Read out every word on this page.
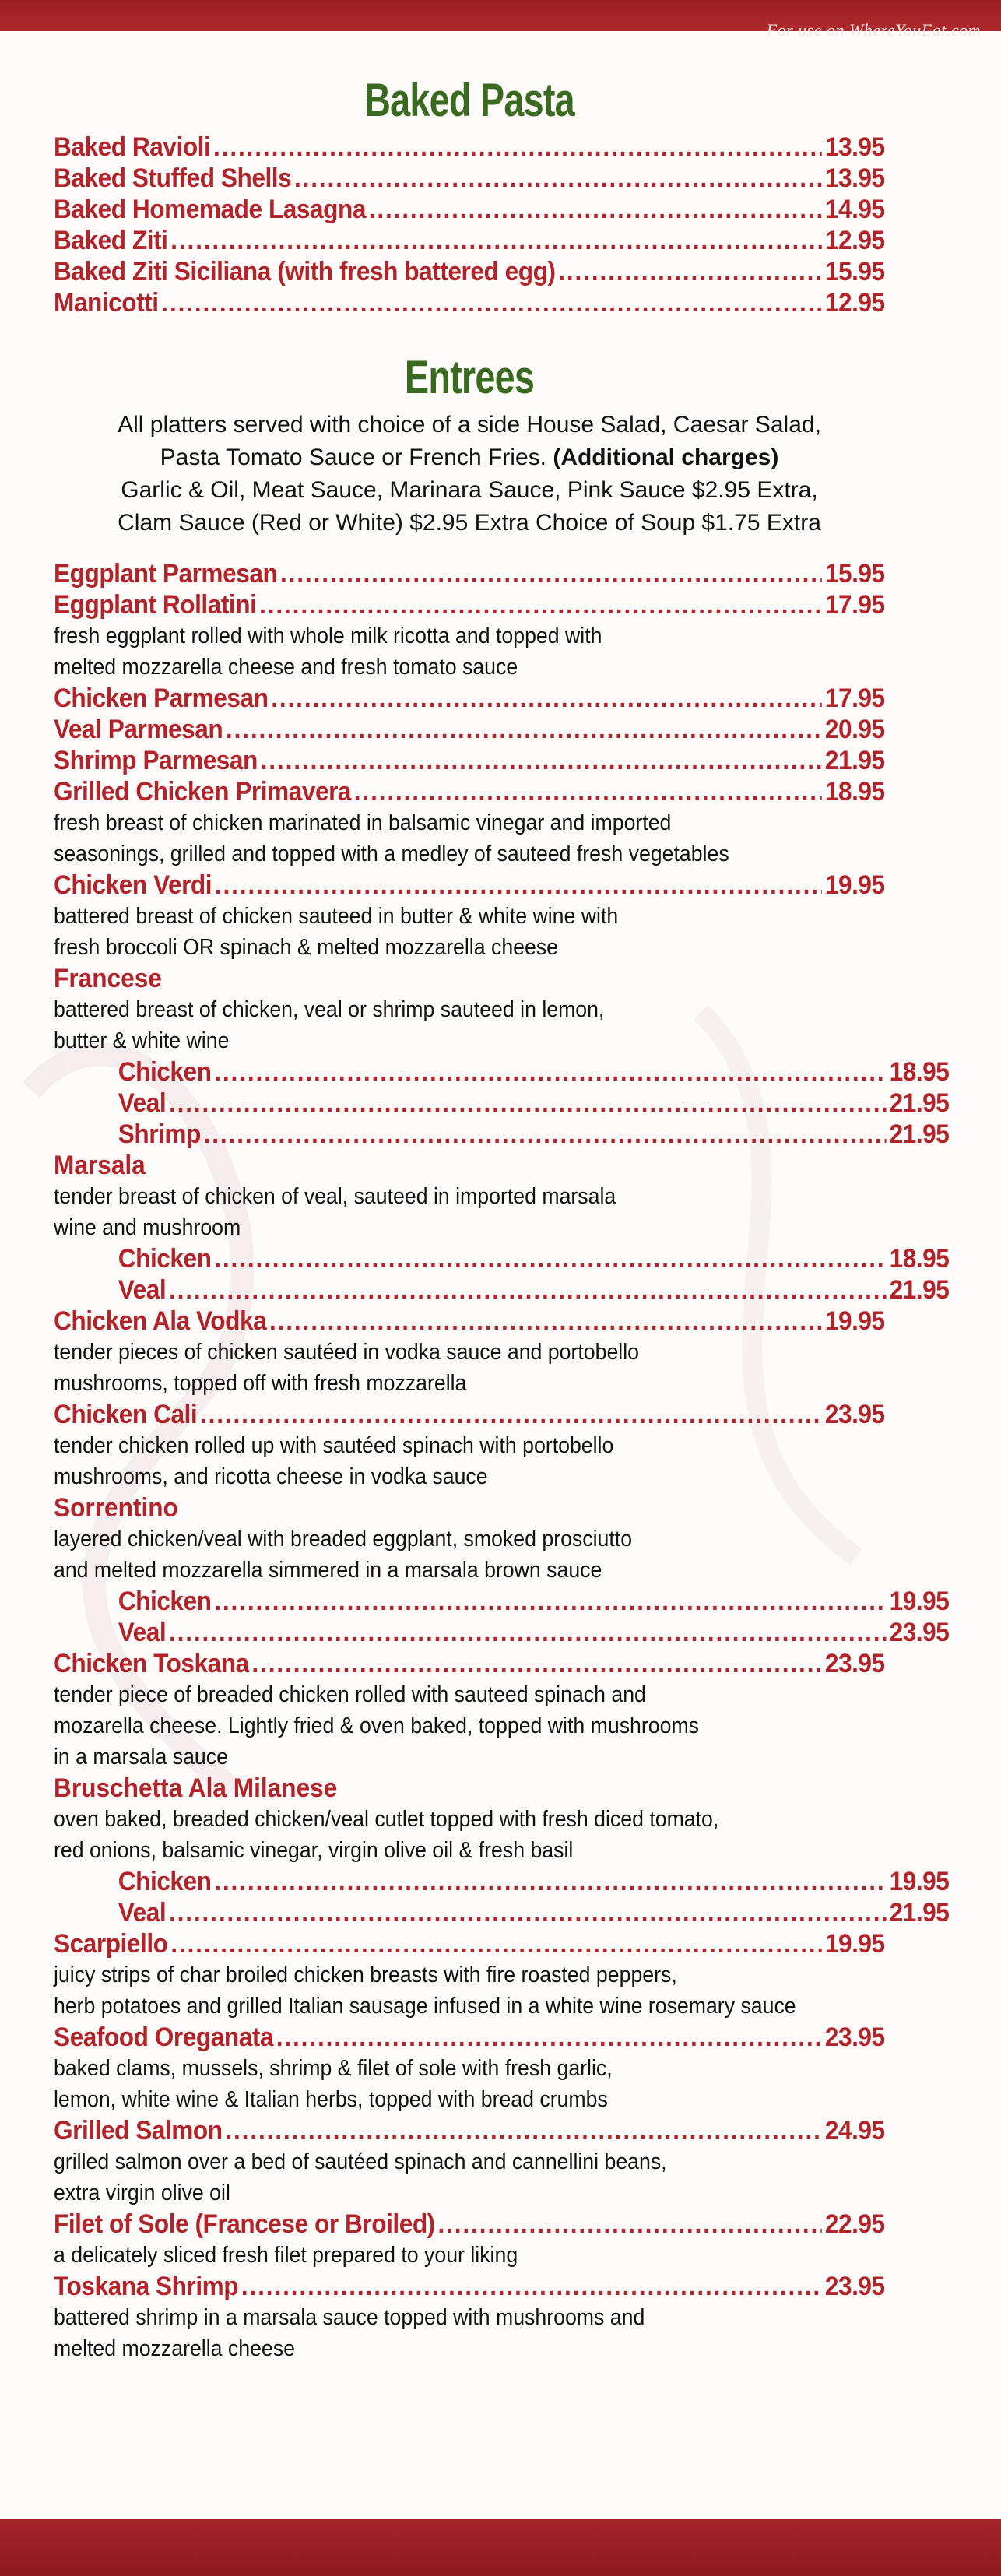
For use on WhereYouEat.com
Baked Pasta
Baked Ravioli .....	13.95
Baked Stuffed Shells .....	13.95
Baked Homemade Lasagna .....	14.95
Baked Ziti .....	12.95
Baked Ziti Siciliana (with fresh battered egg) .....	15.95
Manicotti .....	12.95
Entrees
All platters served with choice of a side House Salad, Caesar Salad,
Pasta Tomato Sauce or French Fries. (Additional charges)
Garlic & Oil, Meat Sauce, Marinara Sauce, Pink Sauce $2.95 Extra,
Clam Sauce (Red or White) $2.95 Extra Choice of Soup $1.75 Extra
Eggplant Parmesan .....	15.95
Eggplant Rollatini .....	17.95

fresh eggplant rolled with whole milk ricotta and topped with

melted mozzarella cheese and fresh tomato sauce

Chicken Parmesan .....	17.95
Veal Parmesan .....	20.95
Shrimp Parmesan .....	21.95
Grilled Chicken Primavera .....	18.95

fresh breast of chicken marinated in balsamic vinegar and imported

seasonings, grilled and topped with a medley of sauteed fresh vegetables

Chicken Verdi .....	19.95

battered breast of chicken sauteed in butter & white wine with

fresh broccoli OR spinach & melted mozzarella cheese

Francese

battered breast of chicken, veal or shrimp sauteed in lemon,

butter & white wine

Chicken .....	18.95
Veal .....	21.95
Shrimp .....	21.95
Marsala

tender breast of chicken of veal, sauteed in imported marsala

wine and mushroom

Chicken .....	18.95
Veal .....	21.95
Chicken Ala Vodka .....	19.95

tender pieces of chicken sautéed in vodka sauce and portobello

mushrooms, topped off with fresh mozzarella

Chicken Cali .....	23.95

tender chicken rolled up with sautéed spinach with portobello

mushrooms, and ricotta cheese in vodka sauce

Sorrentino

layered chicken/veal with breaded eggplant, smoked prosciutto

and melted mozzarella simmered in a marsala brown sauce

Chicken .....	19.95
Veal .....	23.95
Chicken Toskana .....	23.95

tender piece of breaded chicken rolled with sauteed spinach and

mozarella cheese. Lightly fried & oven baked, topped with mushrooms

in a marsala sauce

Bruschetta Ala Milanese

oven baked, breaded chicken/veal cutlet topped with fresh diced tomato,

red onions, balsamic vinegar, virgin olive oil & fresh basil

Chicken .....	19.95
Veal .....	21.95
Scarpiello .....	19.95

juicy strips of char broiled chicken breasts with fire roasted peppers,

herb potatoes and grilled Italian sausage infused in a white wine rosemary sauce

Seafood Oreganata .....	23.95

baked clams, mussels, shrimp & filet of sole with fresh garlic,

lemon, white wine & Italian herbs, topped with bread crumbs

Grilled Salmon .....	24.95

grilled salmon over a bed of sautéed spinach and cannellini beans,

extra virgin olive oil

Filet of Sole (Francese or Broiled) .....	22.95

a delicately sliced fresh filet prepared to your liking

Toskana Shrimp .....	23.95

battered shrimp in a marsala sauce topped with mushrooms and

melted mozzarella cheese
